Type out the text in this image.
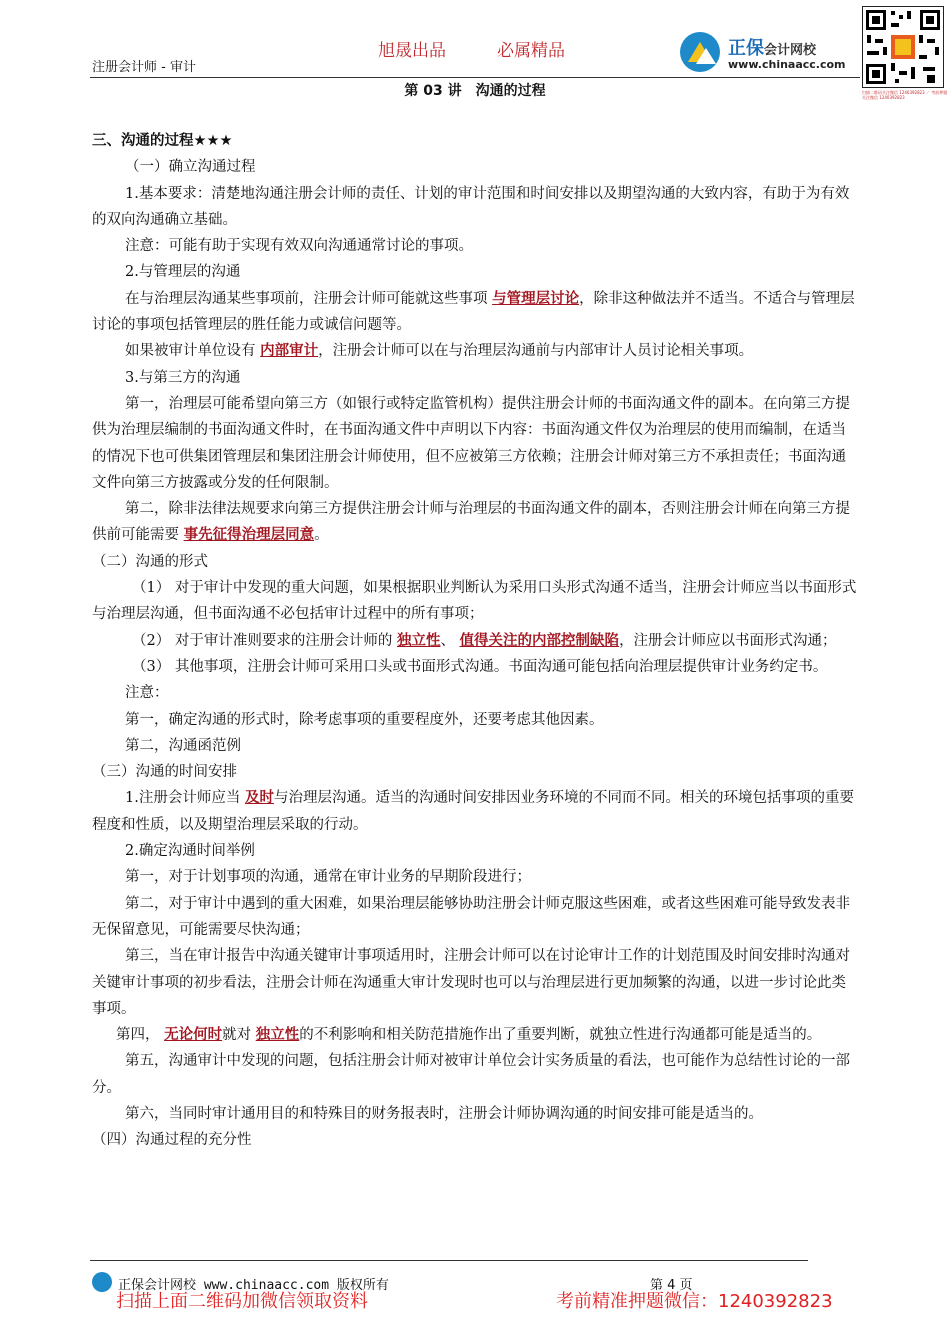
注册会计师 - 审计
旭晟出品	必属精品	正保会计网校
www.chinaacc.com
扫描二维码关注微信 1240392823 ／ 考前押题 关注微信 1240392823
第 03 讲　沟通的过程

三、沟通的过程★★★

（一）确立沟通过程

1.基本要求：清楚地沟通注册会计师的责任、计划的审计范围和时间安排以及期望沟通的大致内容，有助于为有效的双向沟通确立基础。

注意：可能有助于实现有效双向沟通通常讨论的事项。

2.与管理层的沟通

在与治理层沟通某些事项前，注册会计师可能就这些事项 与管理层讨论，除非这种做法并不适当。不适合与管理层讨论的事项包括管理层的胜任能力或诚信问题等。

如果被审计单位设有 内部审计，注册会计师可以在与治理层沟通前与内部审计人员讨论相关事项。

3.与第三方的沟通

第一，治理层可能希望向第三方（如银行或特定监管机构）提供注册会计师的书面沟通文件的副本。在向第三方提供为治理层编制的书面沟通文件时，在书面沟通文件中声明以下内容：书面沟通文件仅为治理层的使用而编制，在适当的情况下也可供集团管理层和集团注册会计师使用，但不应被第三方依赖；注册会计师对第三方不承担责任；书面沟通文件向第三方披露或分发的任何限制。

第二，除非法律法规要求向第三方提供注册会计师与治理层的书面沟通文件的副本，否则注册会计师在向第三方提供前可能需要 事先征得治理层同意。

（二）沟通的形式

（1） 对于审计中发现的重大问题，如果根据职业判断认为采用口头形式沟通不适当，注册会计师应当以书面形式与治理层沟通，但书面沟通不必包括审计过程中的所有事项；

（2） 对于审计准则要求的注册会计师的 独立性、 值得关注的内部控制缺陷，注册会计师应以书面形式沟通；

（3） 其他事项，注册会计师可采用口头或书面形式沟通。书面沟通可能包括向治理层提供审计业务约定书。

注意：

第一，确定沟通的形式时，除考虑事项的重要程度外，还要考虑其他因素。

第二，沟通函范例

（三）沟通的时间安排

1.注册会计师应当 及时与治理层沟通。适当的沟通时间安排因业务环境的不同而不同。相关的环境包括事项的重要程度和性质，以及期望治理层采取的行动。

2.确定沟通时间举例

第一，对于计划事项的沟通，通常在审计业务的早期阶段进行；

第二，对于审计中遇到的重大困难，如果治理层能够协助注册会计师克服这些困难，或者这些困难可能导致发表非无保留意见，可能需要尽快沟通；

第三，当在审计报告中沟通关键审计事项适用时，注册会计师可以在讨论审计工作的计划范围及时间安排时沟通对关键审计事项的初步看法，注册会计师在沟通重大审计发现时也可以与治理层进行更加频繁的沟通，以进一步讨论此类事项。

第四， 无论何时就对 独立性的不利影响和相关防范措施作出了重要判断，就独立性进行沟通都可能是适当的。

第五，沟通审计中发现的问题，包括注册会计师对被审计单位会计实务质量的看法，也可能作为总结性讨论的一部分。

第六，当同时审计通用目的和特殊目的财务报表时，注册会计师协调沟通的时间安排可能是适当的。

（四）沟通过程的充分性

正保会计网校 www.chinaacc.com 版权所有	第 4 页
扫描上面二维码加微信领取资料	考前精准押题微信：1240392823
